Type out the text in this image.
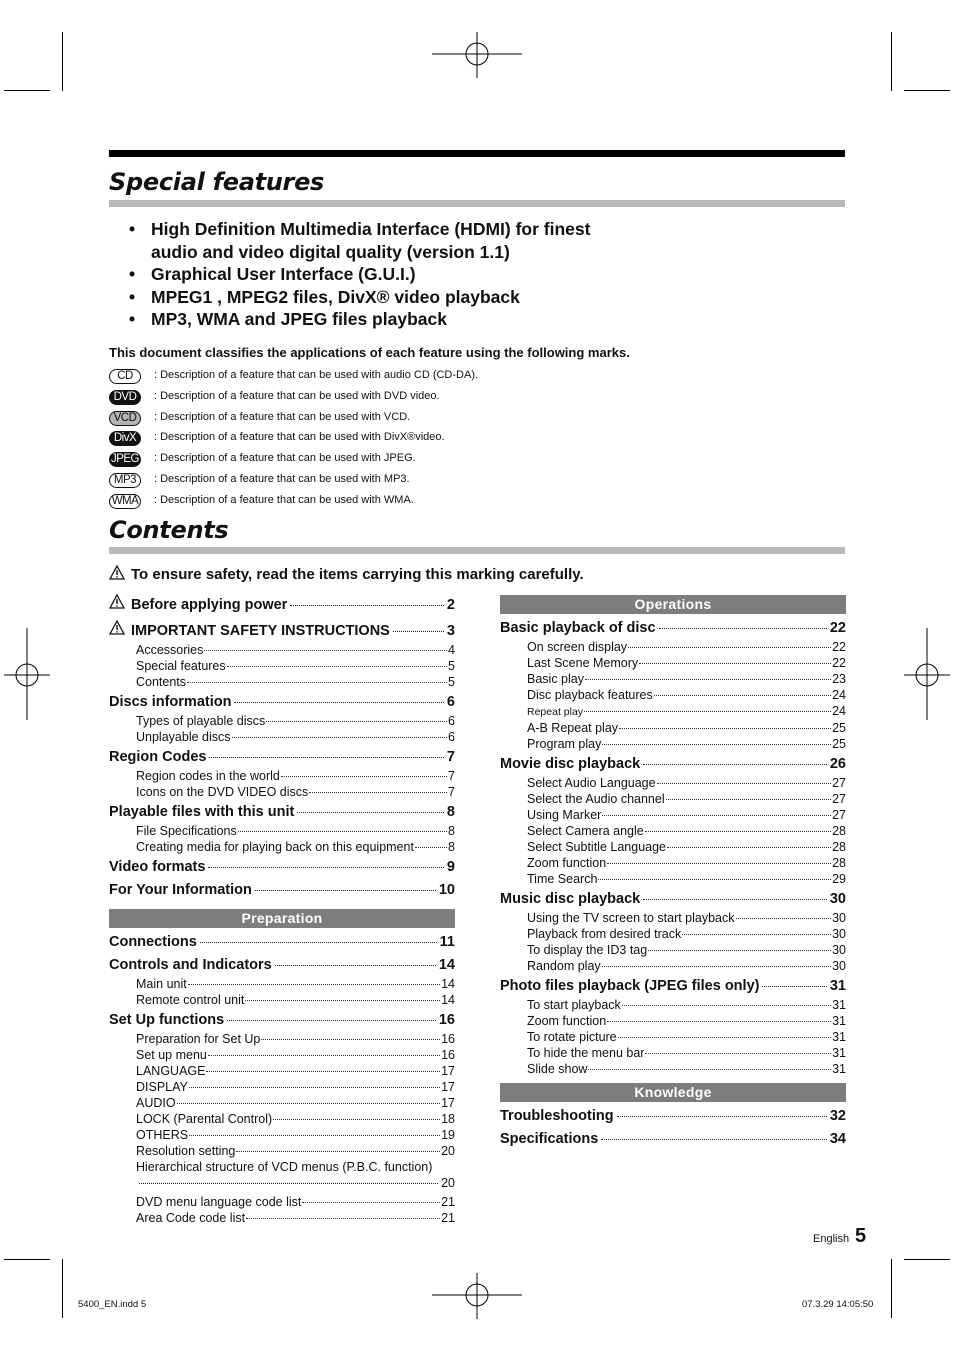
Special features
• High Definition Multimedia Interface (HDMI) for finest
audio and video digital quality (version 1.1)
• Graphical User Interface (G.U.I.)
• MPEG1 , MPEG2 files, DivX® video playback
• MP3, WMA and JPEG files playback
This document classifies the applications of each feature using the following marks.
CD	: Description of a feature that can be used with audio CD (CD-DA).
DVD	: Description of a feature that can be used with DVD video.
VCD	: Description of a feature that can be used with VCD.
DivX	: Description of a feature that can be used with DivX®video.
JPEG : Description of a feature that can be used with JPEG.
MP3	: Description of a feature that can be used with MP3.
WMA : Description of a feature that can be used with WMA.
Contents
To ensure safety, read the items carrying this marking carefully.
Before applying power	2
IMPORTANT SAFETY INSTRUCTIONS	3
Accessories	4
Special features	5
Contents	5
Discs information	6
Types of playable discs	6
Unplayable discs	6
Region Codes	7
Region codes in the world	7
Icons on the DVD VIDEO discs	7
Playable files with this unit	8
File Specifications	8
Creating media for playing back on this equipment	8
Video formats	9
For Your Information	10
Preparation
Connections	11
Controls and Indicators	14
Main unit	14
Remote control unit	14
Set Up functions	16
Preparation for Set Up	16
Set up menu	16
LANGUAGE	17
DISPLAY	17
AUDIO	17
LOCK (Parental Control)	18
OTHERS	19
Resolution setting	20
Hierarchical structure of VCD menus (P.B.C. function)
20
DVD menu language code list	21
Area Code code list	21
Operations
Basic playback of disc	22
On screen display	22
Last Scene Memory	22
Basic play	23
Disc playback features	24
Repeat play	24
A-B Repeat play	25
Program play	25
Movie disc playback	26
Select Audio Language	27
Select the Audio channel	27
Using Marker	27
Select Camera angle	28
Select Subtitle Language	28
Zoom function	28
Time Search	29
Music disc playback	30
Using the TV screen to start playback	30
Playback from desired track	30
To display the ID3 tag	30
Random play	30
Photo files playback (JPEG files only)	31
To start playback	31
Zoom function	31
To rotate picture	31
To hide the menu bar	31
Slide show	31
Knowledge
Troubleshooting	32
Specifications	34
English 5
5400_EN.indd 5	07.3.29 14:05:50
